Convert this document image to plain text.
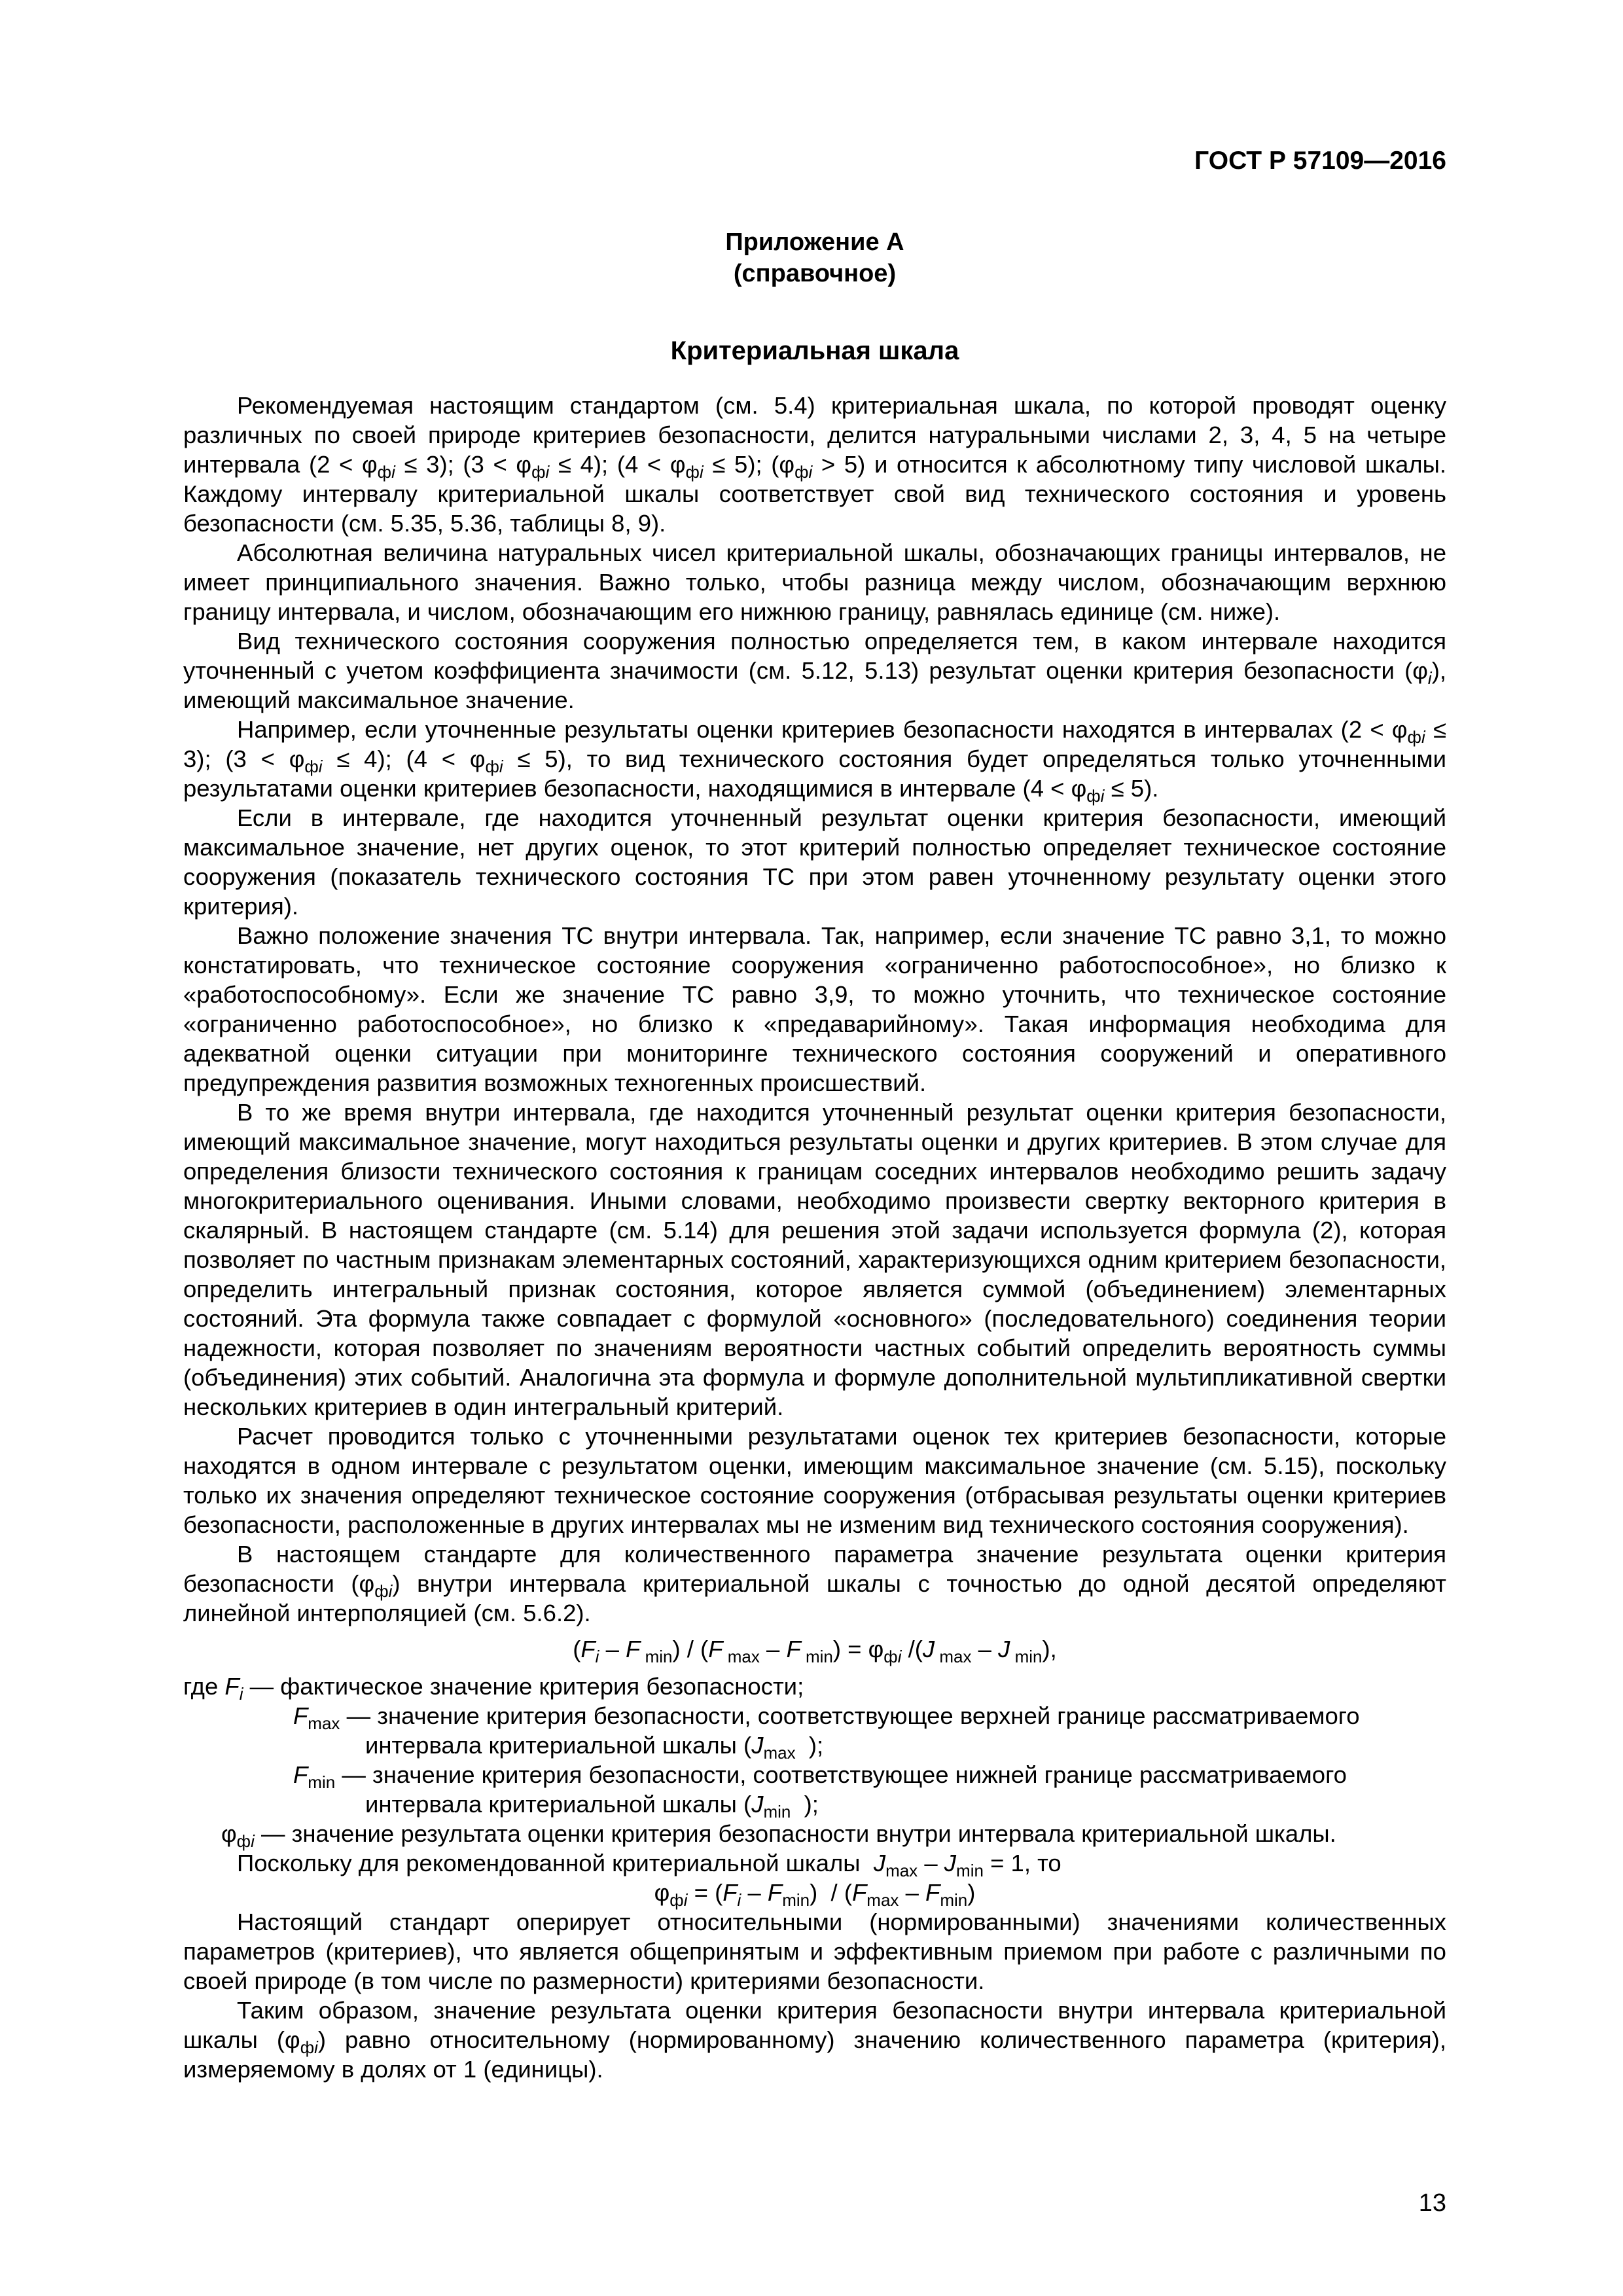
ГОСТ Р 57109—2016
Приложение А
(справочное)
Критериальная шкала

Рекомендуемая настоящим стандартом (см. 5.4) критериальная шкала, по которой проводят оценку различных по своей природе критериев безопасности, делится натуральными числами 2, 3, 4, 5 на четыре интервала $(2 < \varphi_{фi} \le 3)$; $(3 < \varphi_{фi} \le 4)$; $(4 < \varphi_{фi} \le 5)$; $(\varphi_{фi} > 5)$ и относится к абсолютному типу числовой шкалы. Каждому интервалу критериальной шкалы соответствует свой вид технического состояния и уровень безопасности (см. 5.35, 5.36, таблицы 8, 9).

Абсолютная величина натуральных чисел критериальной шкалы, обозначающих границы интервалов, не имеет принципиального значения. Важно только, чтобы разница между числом, обозначающим верхнюю границу интервала, и числом, обозначающим его нижнюю границу, равнялась единице (см. ниже).

Вид технического состояния сооружения полностью определяется тем, в каком интервале находится уточненный с учетом коэффициента значимости (см. 5.12, 5.13) результат оценки критерия безопасности $(\varphi_i)$, имеющий максимальное значение.

Например, если уточненные результаты оценки критериев безопасности находятся в интервалах $(2 < \varphi_{фi} \le 3)$; $(3 < \varphi_{фi} \le 4)$; $(4 < \varphi_{фi} \le 5)$, то вид технического состояния будет определяться только уточненными результатами оценки критериев безопасности, находящимися в интервале $(4 < \varphi_{фi} \le 5)$.

Если в интервале, где находится уточненный результат оценки критерия безопасности, имеющий максимальное значение, нет других оценок, то этот критерий полностью определяет техническое состояние сооружения (показатель технического состояния ТС при этом равен уточненному результату оценки этого критерия).

Важно положение значения ТС внутри интервала. Так, например, если значение ТС равно 3,1, то можно констатировать, что техническое состояние сооружения «ограниченно работоспособное», но близко к «работоспособному». Если же значение ТС равно 3,9, то можно уточнить, что техническое состояние «ограниченно работоспособное», но близко к «предаварийному». Такая информация необходима для адекватной оценки ситуации при мониторинге технического состояния сооружений и оперативного предупреждения развития возможных техногенных происшествий.

В то же время внутри интервала, где находится уточненный результат оценки критерия безопасности, имеющий максимальное значение, могут находиться результаты оценки и других критериев. В этом случае для определения близости технического состояния к границам соседних интервалов необходимо решить задачу многокритериального оценивания. Иными словами, необходимо произвести свертку векторного критерия в скалярный. В настоящем стандарте (см. 5.14) для решения этой задачи используется формула (2), которая позволяет по частным признакам элементарных состояний, характеризующихся одним критерием безопасности, определить интегральный признак состояния, которое является суммой (объединением) элементарных состояний. Эта формула также совпадает с формулой «основного» (последовательного) соединения теории надежности, которая позволяет по значениям вероятности частных событий определить вероятность суммы (объединения) этих событий. Аналогична эта формула и формуле дополнительной мультипликативной свертки нескольких критериев в один интегральный критерий.

Расчет проводится только с уточненными результатами оценок тех критериев безопасности, которые находятся в одном интервале с результатом оценки, имеющим максимальное значение (см. 5.15), поскольку только их значения определяют техническое состояние сооружения (отбрасывая результаты оценки критериев безопасности, расположенные в других интервалах мы не изменим вид технического состояния сооружения).

В настоящем стандарте для количественного параметра значение результата оценки критерия безопасности $(\varphi_{фi})$ внутри интервала критериальной шкалы с точностью до одной десятой определяют линейной интерполяцией (см. 5.6.2).

($F_i$ – F $_{min}$) / (F $_{max}$ – F $_{min}) = \varphi_{фi}$ /(J $_{max}$ – J $_{min}$),

где $F_i$ — фактическое значение критерия безопасности;
$F_{max}$ — значение критерия безопасности, соответствующее верхней границе рассматриваемого интервала критериальной шкалы ($J_{max}$  );
$F_{min}$ — значение критерия безопасности, соответствующее нижней границе рассматриваемого интервала критериальной шкалы ($J_{min}$  );
$\varphi_{фi}$ — значение результата оценки критерия безопасности внутри интервала критериальной шкалы.

Поскольку для рекомендованной критериальной шкалы  $J_{max} - J_{min} = 1$, то

$\varphi_{фi} = (F_i - F_{min}) / (F_{max} - F_{min})$

Настоящий стандарт оперирует относительными (нормированными) значениями количественных параметров (критериев), что является общепринятым и эффективным приемом при работе с различными по своей природе (в том числе по размерности) критериями безопасности.

Таким образом, значение результата оценки критерия безопасности внутри интервала критериальной шкалы $(\varphi_{фi})$ равно относительному (нормированному) значению количественного параметра (критерия), измеряемому в долях от 1 (единицы).

13
